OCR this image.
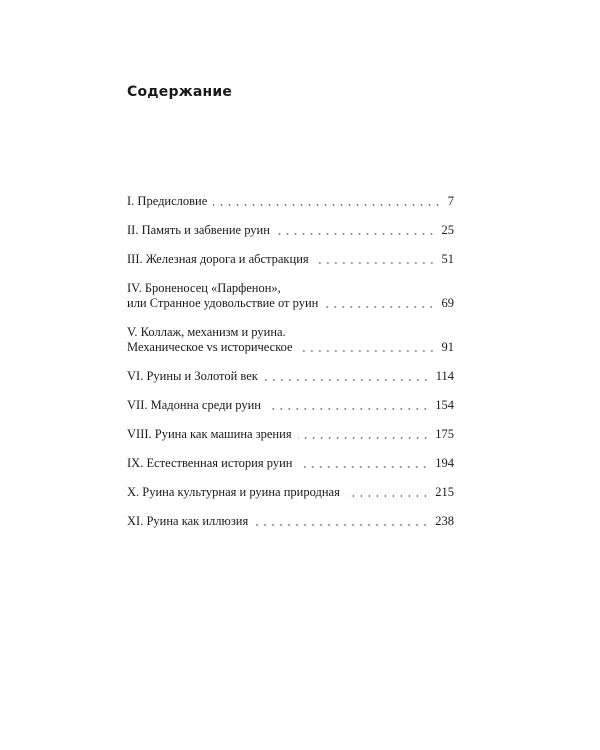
Содержание
I. Предисловие	7
II. Память и забвение руин	25
III. Железная дорога и абстракция	51
IV. Броненосец «Парфенон»,
или Странное удовольствие от руин	69
V. Коллаж, механизм и руина.
Механическое vs историческое	91
VI. Руины и Золотой век	114
VII. Мадонна среди руин	154
VIII. Руина как машина зрения	175
IX. Естественная история руин	194
X. Руина культурная и руина природная	215
XI. Руина как иллюзия	238
